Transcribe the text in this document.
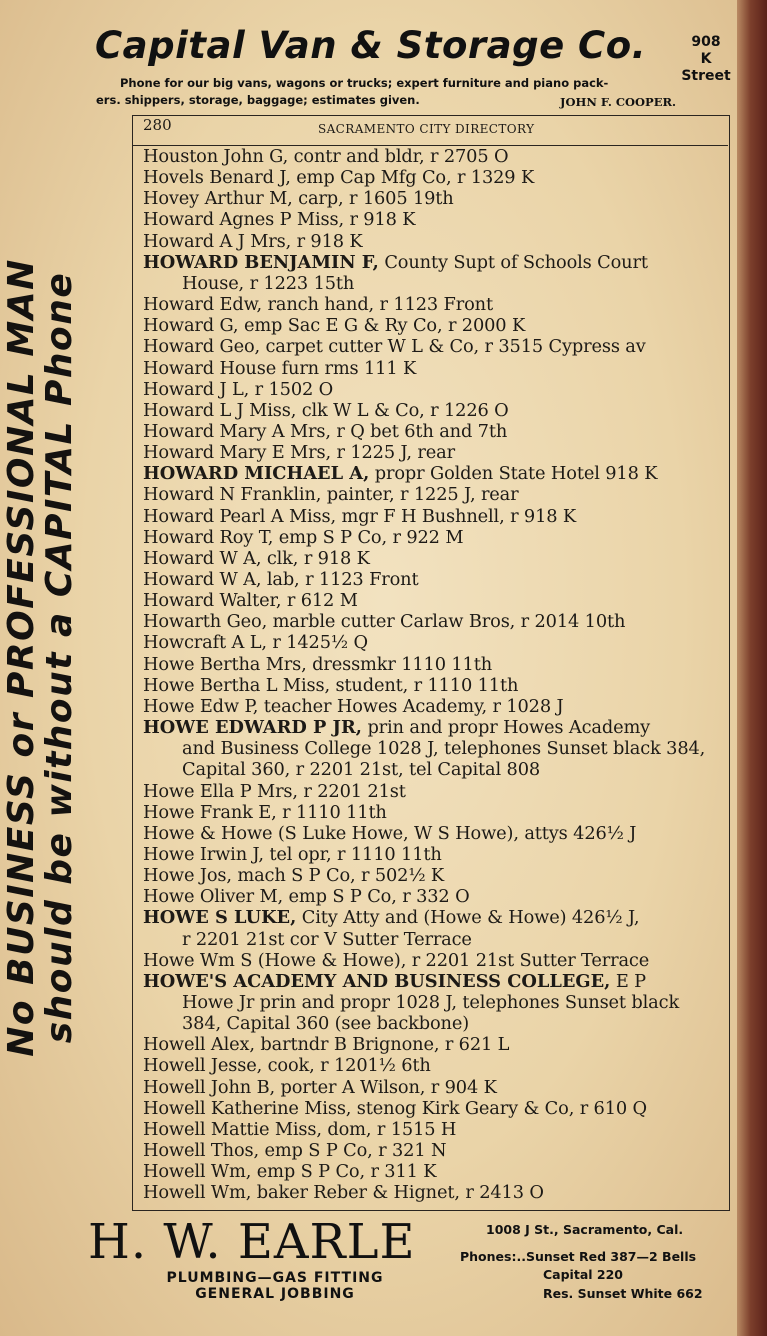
Capital Van & Storage Co.	908
K Street
Phone for our big vans, wagons or trucks; expert furniture and piano pack-
ers. shippers, storage, baggage; estimates given.	JOHN F. COOPER.
No BUSINESS or PROFESSIONAL MAN
should be without a CAPITAL Phone
280	SACRAMENTO CITY DIRECTORY
Houston John G, contr and bldr, r 2705 O
Hovels Benard J, emp Cap Mfg Co, r 1329 K
Hovey Arthur M, carp, r 1605 19th
Howard Agnes P Miss, r 918 K
Howard A J Mrs, r 918 K
HOWARD BENJAMIN F, County Supt of Schools Court
House, r 1223 15th
Howard Edw, ranch hand, r 1123 Front
Howard G, emp Sac E G & Ry Co, r 2000 K
Howard Geo, carpet cutter W L & Co, r 3515 Cypress av
Howard House furn rms 111 K
Howard J L, r 1502 O
Howard L J Miss, clk W L & Co, r 1226 O
Howard Mary A Mrs, r Q bet 6th and 7th
Howard Mary E Mrs, r 1225 J, rear
HOWARD MICHAEL A, propr Golden State Hotel 918 K
Howard N Franklin, painter, r 1225 J, rear
Howard Pearl A Miss, mgr F H Bushnell, r 918 K
Howard Roy T, emp S P Co, r 922 M
Howard W A, clk, r 918 K
Howard W A, lab, r 1123 Front
Howard Walter, r 612 M
Howarth Geo, marble cutter Carlaw Bros, r 2014 10th
Howcraft A L, r 1425½ Q
Howe Bertha Mrs, dressmkr 1110 11th
Howe Bertha L Miss, student, r 1110 11th
Howe Edw P, teacher Howes Academy, r 1028 J
HOWE EDWARD P JR, prin and propr Howes Academy
and Business College 1028 J, telephones Sunset black 384,
Capital 360, r 2201 21st, tel Capital 808
Howe Ella P Mrs, r 2201 21st
Howe Frank E, r 1110 11th
Howe & Howe (S Luke Howe, W S Howe), attys 426½ J
Howe Irwin J, tel opr, r 1110 11th
Howe Jos, mach S P Co, r 502½ K
Howe Oliver M, emp S P Co, r 332 O
HOWE S LUKE, City Atty and (Howe & Howe) 426½ J,
r 2201 21st cor V Sutter Terrace
Howe Wm S (Howe & Howe), r 2201 21st Sutter Terrace
HOWE'S ACADEMY AND BUSINESS COLLEGE, E P
Howe Jr prin and propr 1028 J, telephones Sunset black
384, Capital 360 (see backbone)
Howell Alex, bartndr B Brignone, r 621 L
Howell Jesse, cook, r 1201½ 6th
Howell John B, porter A Wilson, r 904 K
Howell Katherine Miss, stenog Kirk Geary & Co, r 610 Q
Howell Mattie Miss, dom, r 1515 H
Howell Thos, emp S P Co, r 321 N
Howell Wm, emp S P Co, r 311 K
Howell Wm, baker Reber & Hignet, r 2413 O
H. W. EARLE
PLUMBING—GAS FITTING
GENERAL JOBBING
1008 J St., Sacramento, Cal.
Phones:..Sunset Red 387—2 Bells
Capital 220
Res. Sunset White 662
